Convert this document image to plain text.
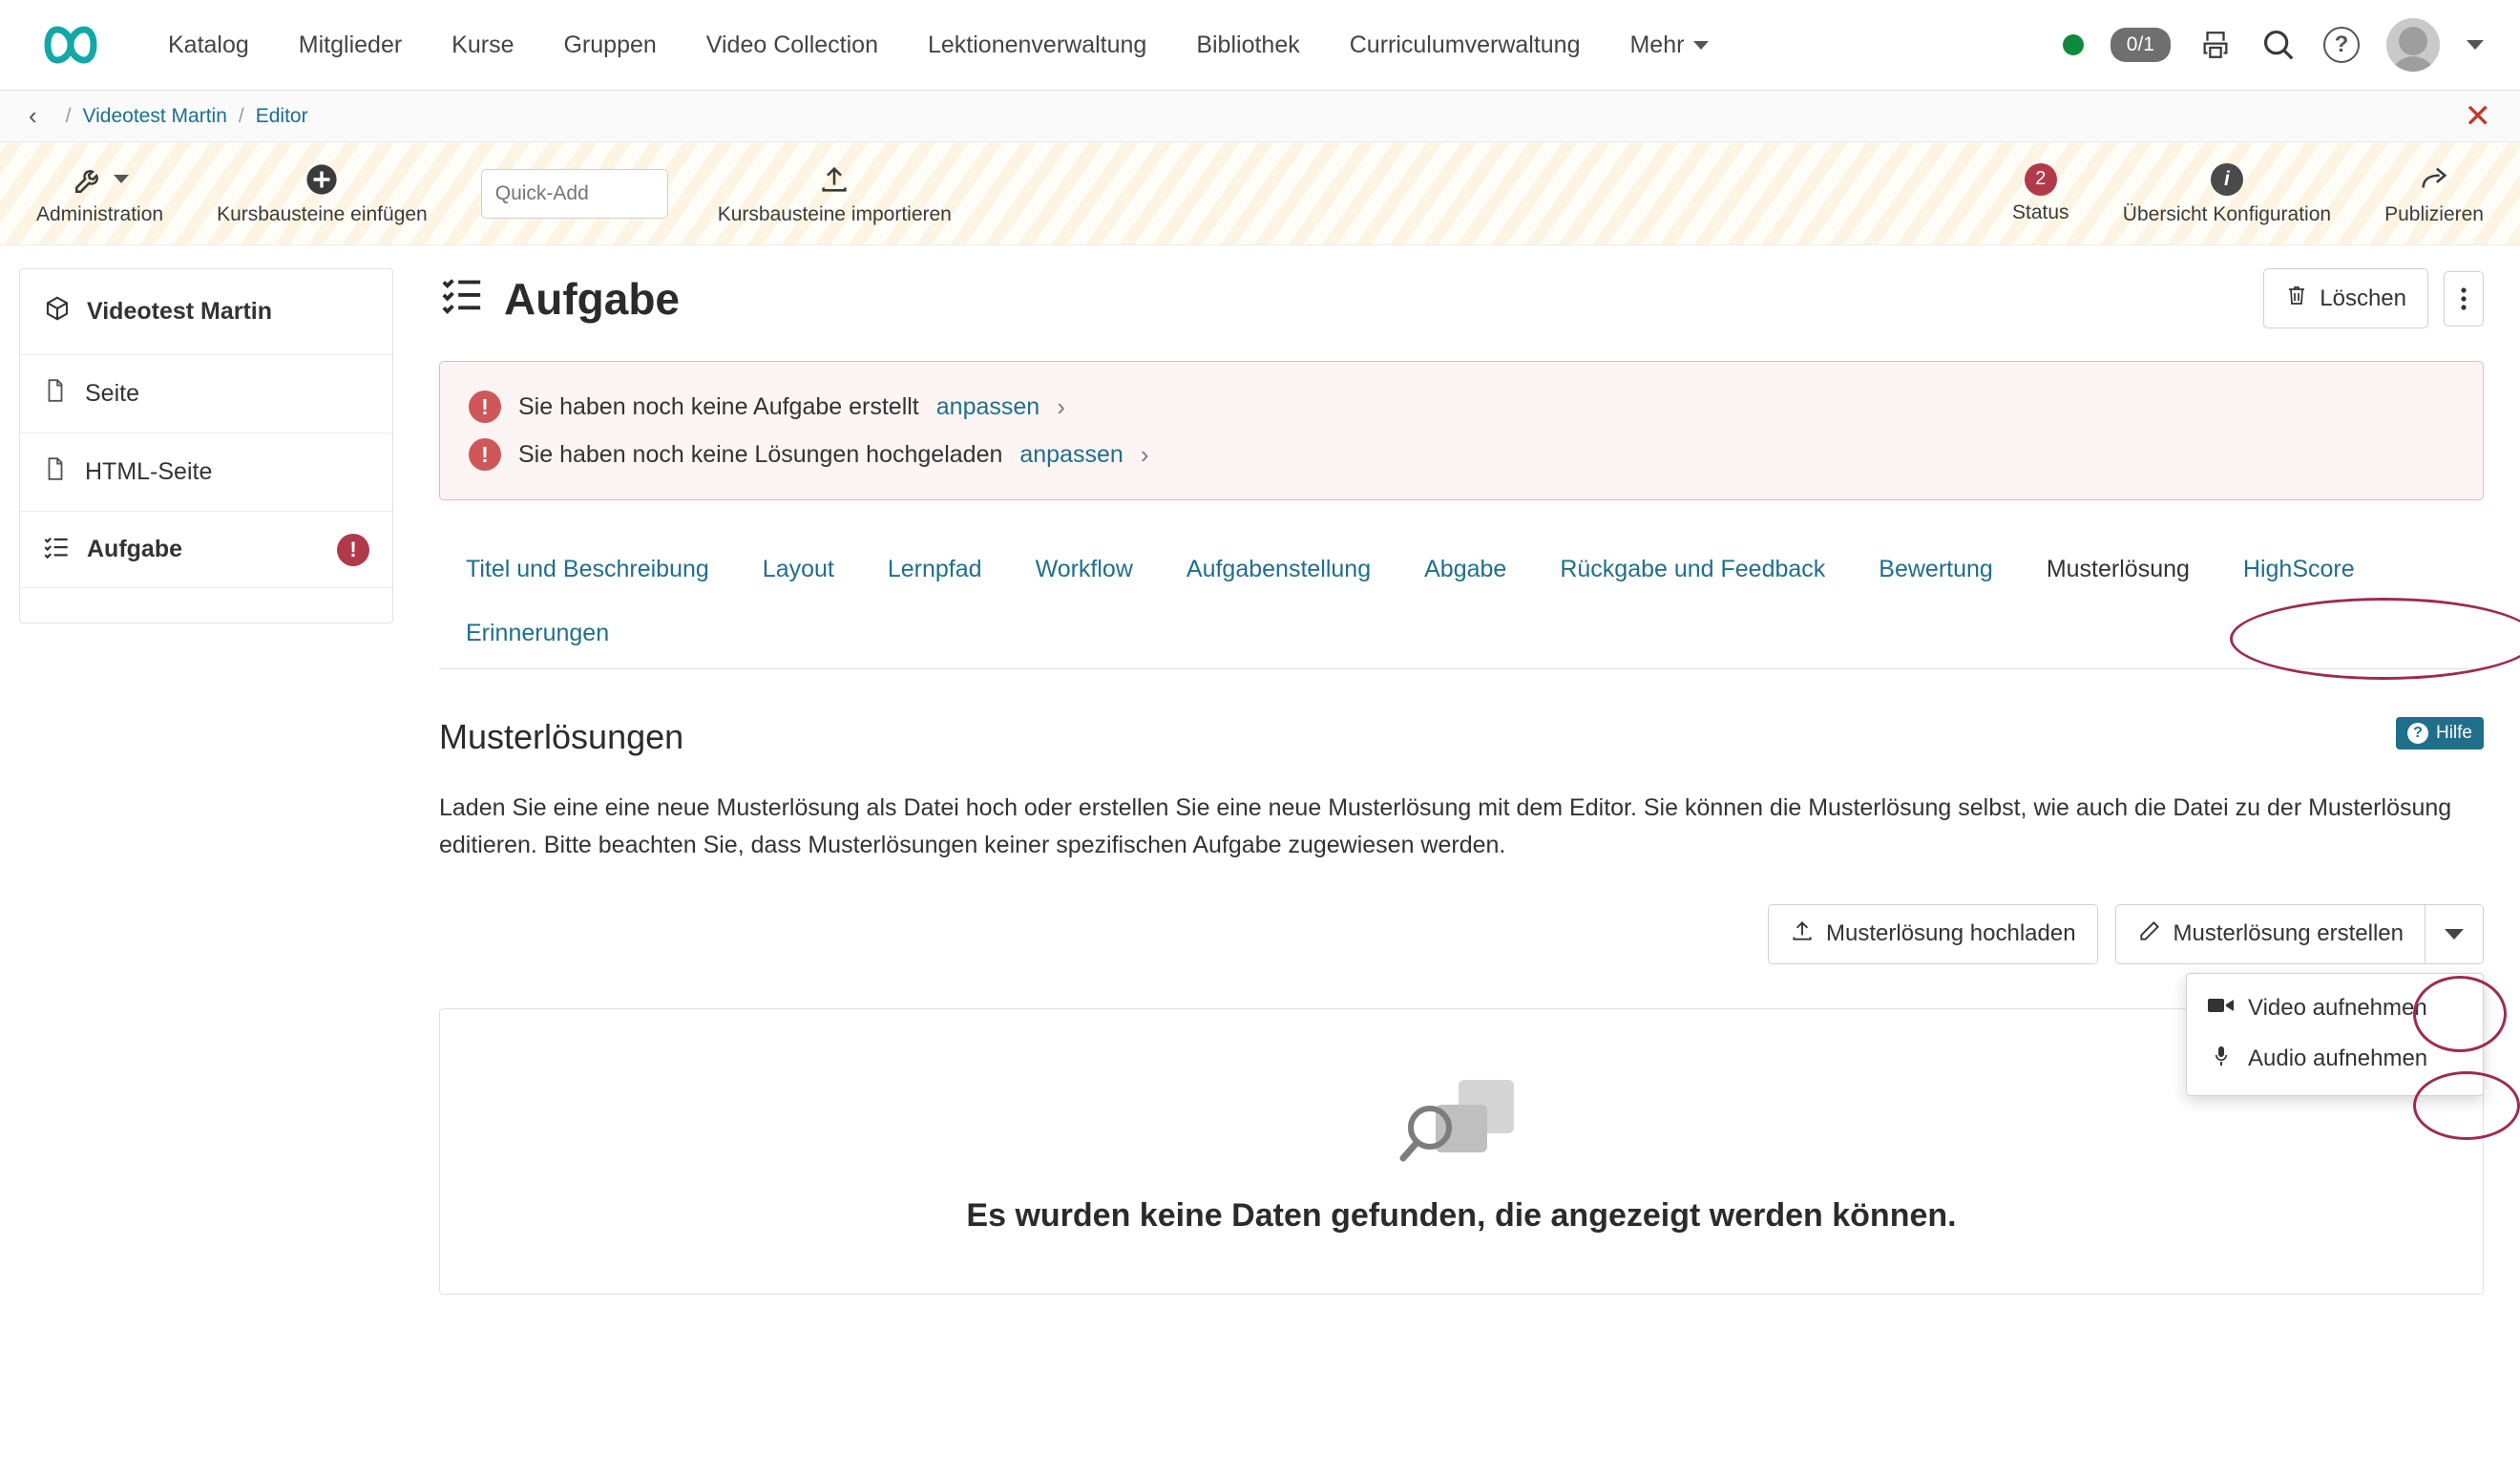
Katalog	Mitglieder	Kurse	Gruppen	Video Collection	Lektionenverwaltung	Bibliothek	Curriculumverwaltung	Mehr	0/1	?
‹ / Videotest Martin / Editor	✕
Administration	Kursbausteine einfügen
Quick-Add	Kursbausteine importieren
2
Status
i
Übersicht Konfiguration	Publizieren
Videotest Martin
Seite
HTML-Seite
Aufgabe	!
Aufgabe	Löschen
!	Sie haben noch keine Aufgabe erstellt anpassen ›
!	Sie haben noch keine Lösungen hochgeladen anpassen ›
Titel und Beschreibung	Layout	Lernpfad	Workflow	Aufgabenstellung	Abgabe	Rückgabe und Feedback	Bewertung	Musterlösung	HighScore
Erinnerungen
Musterlösungen	? Hilfe
Laden Sie eine eine neue Musterlösung als Datei hoch oder erstellen Sie eine neue Musterlösung mit dem Editor. Sie können die Musterlösung selbst, wie auch die Datei zu der Musterlösung editieren. Bitte beachten Sie, dass Musterlösungen keiner spezifischen Aufgabe zugewiesen werden.
Musterlösung hochladen	Musterlösung erstellen
Video aufnehmen
Audio aufnehmen
Es wurden keine Daten gefunden, die angezeigt werden können.
